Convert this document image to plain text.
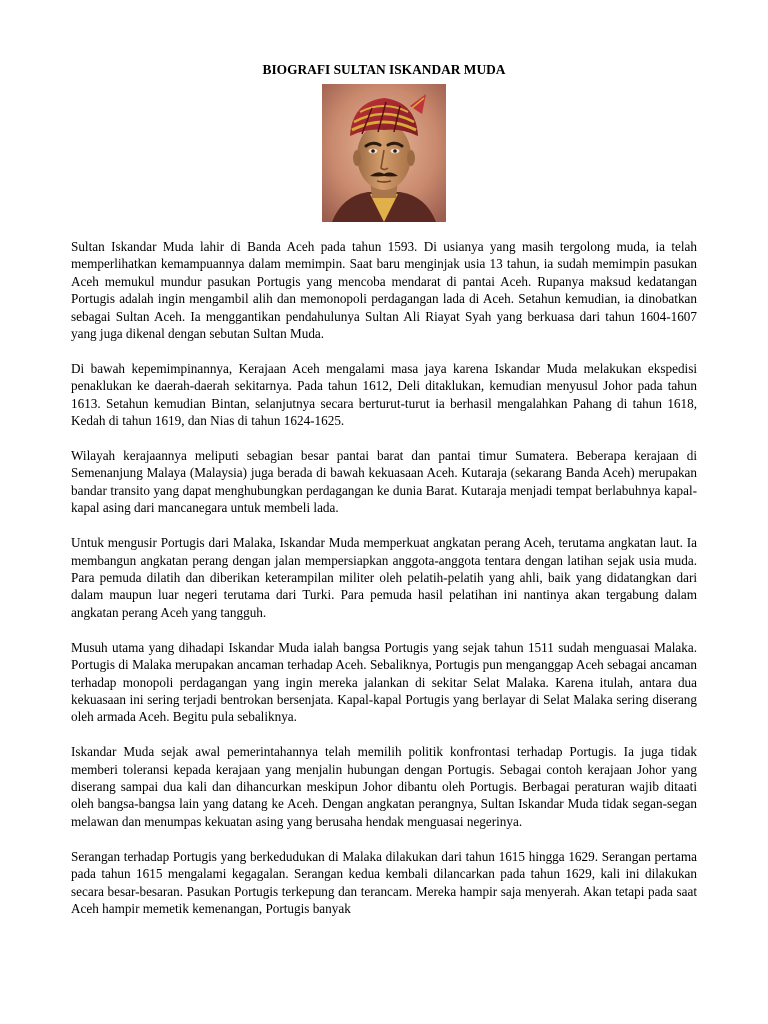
BIOGRAFI SULTAN ISKANDAR MUDA

Sultan Iskandar Muda lahir di Banda Aceh pada tahun 1593. Di usianya yang masih tergolong muda, ia telah memperlihatkan kemampuannya dalam memimpin. Saat baru menginjak usia 13 tahun, ia sudah memimpin pasukan Aceh memukul mundur pasukan Portugis yang mencoba mendarat di pantai Aceh. Rupanya maksud kedatangan Portugis adalah ingin mengambil alih dan memonopoli perdagangan lada di Aceh. Setahun kemudian, ia dinobatkan sebagai Sultan Aceh. Ia menggantikan pendahulunya Sultan Ali Riayat Syah yang berkuasa dari tahun 1604-1607 yang juga dikenal dengan sebutan Sultan Muda.

Di bawah kepemimpinannya, Kerajaan Aceh mengalami masa jaya karena Iskandar Muda melakukan ekspedisi penaklukan ke daerah-daerah sekitarnya. Pada tahun 1612, Deli ditaklukan, kemudian menyusul Johor pada tahun 1613. Setahun kemudian Bintan, selanjutnya secara berturut-turut ia berhasil mengalahkan Pahang di tahun 1618, Kedah di tahun 1619, dan Nias di tahun 1624-1625.

Wilayah kerajaannya meliputi sebagian besar pantai barat dan pantai timur Sumatera. Beberapa kerajaan di Semenanjung Malaya (Malaysia) juga berada di bawah kekuasaan Aceh. Kutaraja (sekarang Banda Aceh) merupakan bandar transito yang dapat menghubungkan perdagangan ke dunia Barat. Kutaraja menjadi tempat berlabuhnya kapal-kapal asing dari mancanegara untuk membeli lada.

Untuk mengusir Portugis dari Malaka, Iskandar Muda memperkuat angkatan perang Aceh, terutama angkatan laut. Ia membangun angkatan perang dengan jalan mempersiapkan anggota-anggota tentara dengan latihan sejak usia muda. Para pemuda dilatih dan diberikan keterampilan militer oleh pelatih-pelatih yang ahli, baik yang didatangkan dari dalam maupun luar negeri terutama dari Turki. Para pemuda hasil pelatihan ini nantinya akan tergabung dalam angkatan perang Aceh yang tangguh.

Musuh utama yang dihadapi Iskandar Muda ialah bangsa Portugis yang sejak tahun 1511 sudah menguasai Malaka. Portugis di Malaka merupakan ancaman terhadap Aceh. Sebaliknya, Portugis pun menganggap Aceh sebagai ancaman terhadap monopoli perdagangan yang ingin mereka jalankan di sekitar Selat Malaka. Karena itulah, antara dua kekuasaan ini sering terjadi bentrokan bersenjata. Kapal-kapal Portugis yang berlayar di Selat Malaka sering diserang oleh armada Aceh. Begitu pula sebaliknya.

Iskandar Muda sejak awal pemerintahannya telah memilih politik konfrontasi terhadap Portugis. Ia juga tidak memberi toleransi kepada kerajaan yang menjalin hubungan dengan Portugis. Sebagai contoh kerajaan Johor yang diserang sampai dua kali dan dihancurkan meskipun Johor dibantu oleh Portugis. Berbagai peraturan wajib ditaati oleh bangsa-bangsa lain yang datang ke Aceh. Dengan angkatan perangnya, Sultan Iskandar Muda tidak segan-segan melawan dan menumpas kekuatan asing yang berusaha hendak menguasai negerinya.

Serangan terhadap Portugis yang berkedudukan di Malaka dilakukan dari tahun 1615 hingga 1629. Serangan pertama pada tahun 1615 mengalami kegagalan. Serangan kedua kembali dilancarkan pada tahun 1629, kali ini dilakukan secara besar-besaran. Pasukan Portugis terkepung dan terancam. Mereka hampir saja menyerah. Akan tetapi pada saat Aceh hampir memetik kemenangan, Portugis banyak
